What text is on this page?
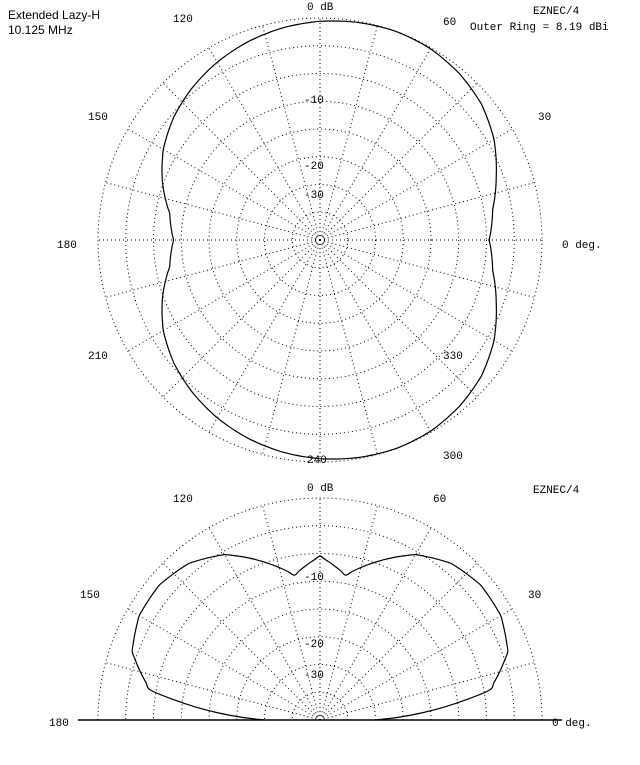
Extended Lazy-H
10.125 MHz
EZNEC/4
Outer Ring = 8.19 dBi
0 dB
120
150
180
210
240	300
330
0 deg.
30
60
-10
-20
-30
EZNEC/4
0 dB
120
150
180
60
30
0 deg.
-10
-20
-30
